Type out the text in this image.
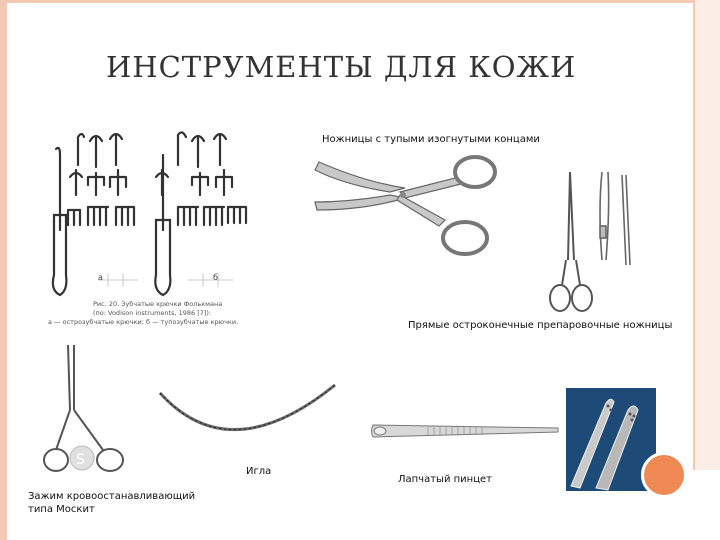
ИНСТРУМЕНТЫ ДЛЯ КОЖИ
а	б
Рис. 20. Зубчатые крючки Фолькмана
(по: Vodison instruments, 1986 [7]):
а — острозубчатые крючки; б — тупозубчатые крючки.
Ножницы с тупыми изогнутыми концами
Прямые остроконечные препаровочные ножницы
S
Зажим кровоостанавливающий
типа Москит
Игла
Лапчатый пинцет
